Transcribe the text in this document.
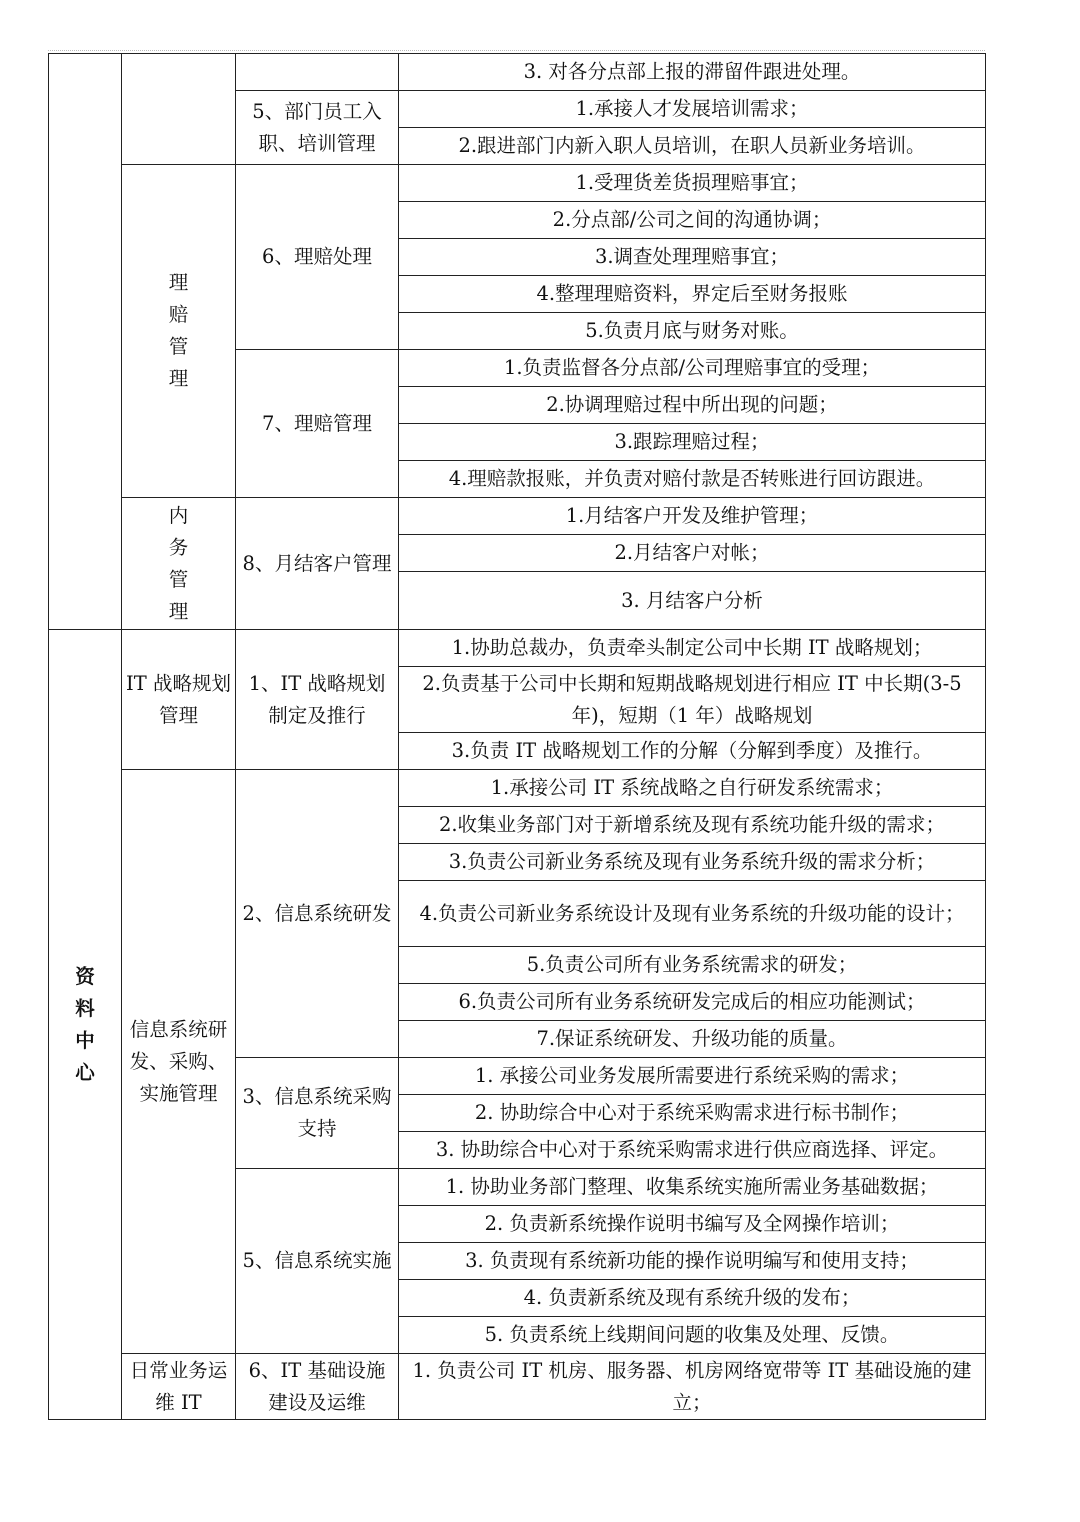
			3. 对各分点部上报的滞留件跟进处理。
		5、部门员工入职、培训管理	1.承接人才发展培训需求；
			2.跟进部门内新入职人员培训，在职人员新业务培训。
	理赔管理	6、理赔处理	1.受理货差货损理赔事宜；
			2.分点部/公司之间的沟通协调；
			3.调查处理理赔事宜；
			4.整理理赔资料，界定后至财务报账
			5.负责月底与财务对账。
		7、理赔管理	1.负责监督各分点部/公司理赔事宜的受理；
			2.协调理赔过程中所出现的问题；
			3.跟踪理赔过程；
			4.理赔款报账，并负责对赔付款是否转账进行回访跟进。
	内务管理	8、月结客户管理	1.月结客户开发及维护管理；
			2.月结客户对帐；
			3. 月结客户分析
资料中心	IT 战略规划管理	1、IT 战略规划制定及推行	1.协助总裁办，负责牵头制定公司中长期 IT 战略规划；
			2.负责基于公司中长期和短期战略规划进行相应 IT 中长期(3-5 年)，短期（1 年）战略规划
			3.负责 IT 战略规划工作的分解（分解到季度）及推行。
	信息系统研发、采购、实施管理	2、信息系统研发	1.承接公司 IT 系统战略之自行研发系统需求；
			2.收集业务部门对于新增系统及现有系统功能升级的需求；
			3.负责公司新业务系统及现有业务系统升级的需求分析；
			4.负责公司新业务系统设计及现有业务系统的升级功能的设计；
			5.负责公司所有业务系统需求的研发；
			6.负责公司所有业务系统研发完成后的相应功能测试；
			7.保证系统研发、升级功能的质量。
		3、信息系统采购支持	1. 承接公司业务发展所需要进行系统采购的需求；
			2. 协助综合中心对于系统采购需求进行标书制作；
			3. 协助综合中心对于系统采购需求进行供应商选择、评定。
		5、信息系统实施	1. 协助业务部门整理、收集系统实施所需业务基础数据；
			2. 负责新系统操作说明书编写及全网操作培训；
			3. 负责现有系统新功能的操作说明编写和使用支持；
			4. 负责新系统及现有系统升级的发布；
			5. 负责系统上线期间问题的收集及处理、反馈。
	日常业务运维 IT	6、IT 基础设施建设及运维	1. 负责公司 IT 机房、服务器、机房网络宽带等 IT 基础设施的建立；
